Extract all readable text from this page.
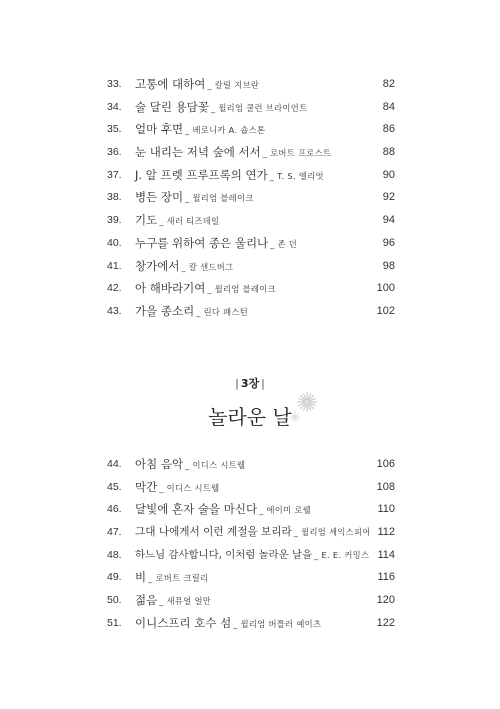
33.	고통에 대하여 _ 칼릴 지브란	82
34.	술 달린 용담꽃 _ 윌리엄 쿨런 브라이언트	84
35.	얼마 후면 _ 베로니카 A. 숍스톤	86
36.	눈 내리는 저녁 숲에 서서 _ 로버트 프로스트	88
37.	J. 알 프렛 프루프록의 연가 _ T. S. 엘리엇	90
38.	병든 장미 _ 윌리엄 블레이크	92
39.	기도 _ 새러 티즈데일	94
40.	누구를 위하여 종은 울리나 _ 존 던	96
41.	창가에서 _ 칼 샌드버그	98
42.	아 해바라기여 _ 윌리엄 블레이크	100
43.	가을 종소리 _ 린다 패스턴	102
| 3장 |
놀라운 날
44.	아침 음악 _ 이디스 시트웰	106
45.	막간 _ 이디스 시트웰	108
46.	달빛에 혼자 술을 마신다 _ 에이미 로웰	110
47.	그대 나에게서 이런 계절을 보리라 _ 윌리엄 셰익스피어 112
48.	하느님 감사합니다, 이처럼 놀라운 날을 _ E. E. 커밍스 114
49.	비 _ 로버트 크릴리	116
50.	젊음 _ 새뮤얼 얼만	120
51.	이니스프리 호수 섬 _ 윌리엄 버틀러 예이츠	122
